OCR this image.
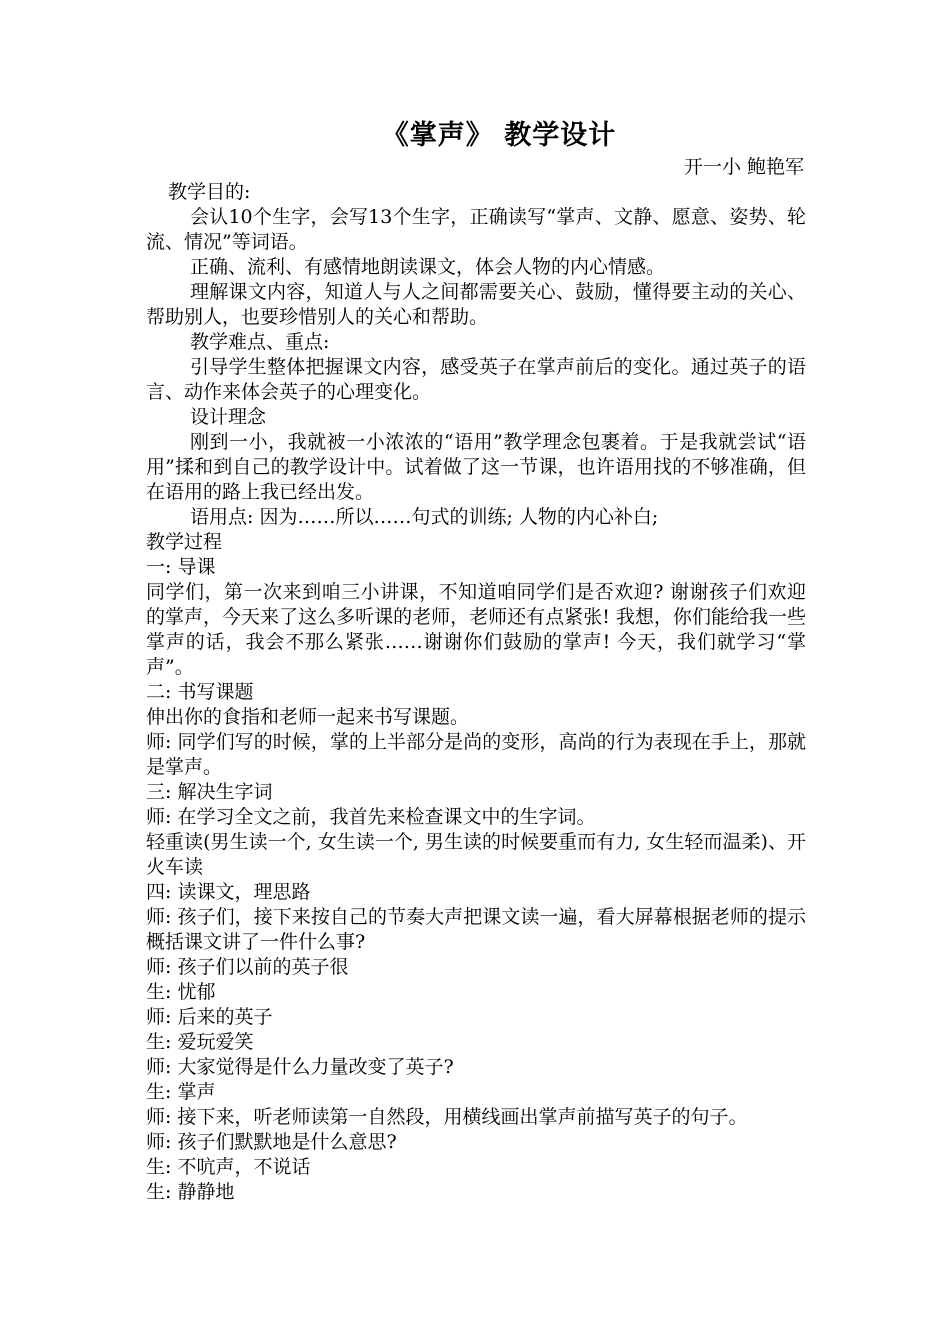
《掌声》 教学设计
开一小 鲍艳军

教学目的:

会认10个生字，会写13个生字，正确读写“掌声、文静、愿意、姿势、轮流、情况”等词语。

正确、流利、有感情地朗读课文，体会人物的内心情感。

理解课文内容，知道人与人之间都需要关心、鼓励，懂得要主动的关心、帮助别人，也要珍惜别人的关心和帮助。

教学难点、重点:

引导学生整体把握课文内容，感受英子在掌声前后的变化。通过英子的语言、动作来体会英子的心理变化。

设计理念

刚到一小，我就被一小浓浓的“语用”教学理念包裹着。于是我就尝试“语用”揉和到自己的教学设计中。试着做了这一节课，也许语用找的不够准确，但在语用的路上我已经出发。

语用点: 因为……所以……句式的训练; 人物的内心补白;

教学过程

一: 导课

同学们，第一次来到咱三小讲课，不知道咱同学们是否欢迎? 谢谢孩子们欢迎的掌声，今天来了这么多听课的老师，老师还有点紧张! 我想，你们能给我一些掌声的话，我会不那么紧张……谢谢你们鼓励的掌声! 今天，我们就学习“掌声”。

二: 书写课题

伸出你的食指和老师一起来书写课题。

师: 同学们写的时候，掌的上半部分是尚的变形，高尚的行为表现在手上，那就是掌声。

三: 解决生字词

师: 在学习全文之前，我首先来检查课文中的生字词。

轻重读(男生读一个, 女生读一个, 男生读的时候要重而有力, 女生轻而温柔)、开火车读

四: 读课文，理思路

师: 孩子们，接下来按自己的节奏大声把课文读一遍，看大屏幕根据老师的提示概括课文讲了一件什么事?

师: 孩子们以前的英子很

生: 忧郁

师: 后来的英子

生: 爱玩爱笑

师: 大家觉得是什么力量改变了英子?

生: 掌声

师: 接下来，听老师读第一自然段，用横线画出掌声前描写英子的句子。

师: 孩子们默默地是什么意思?

生: 不吭声，不说话

生: 静静地
